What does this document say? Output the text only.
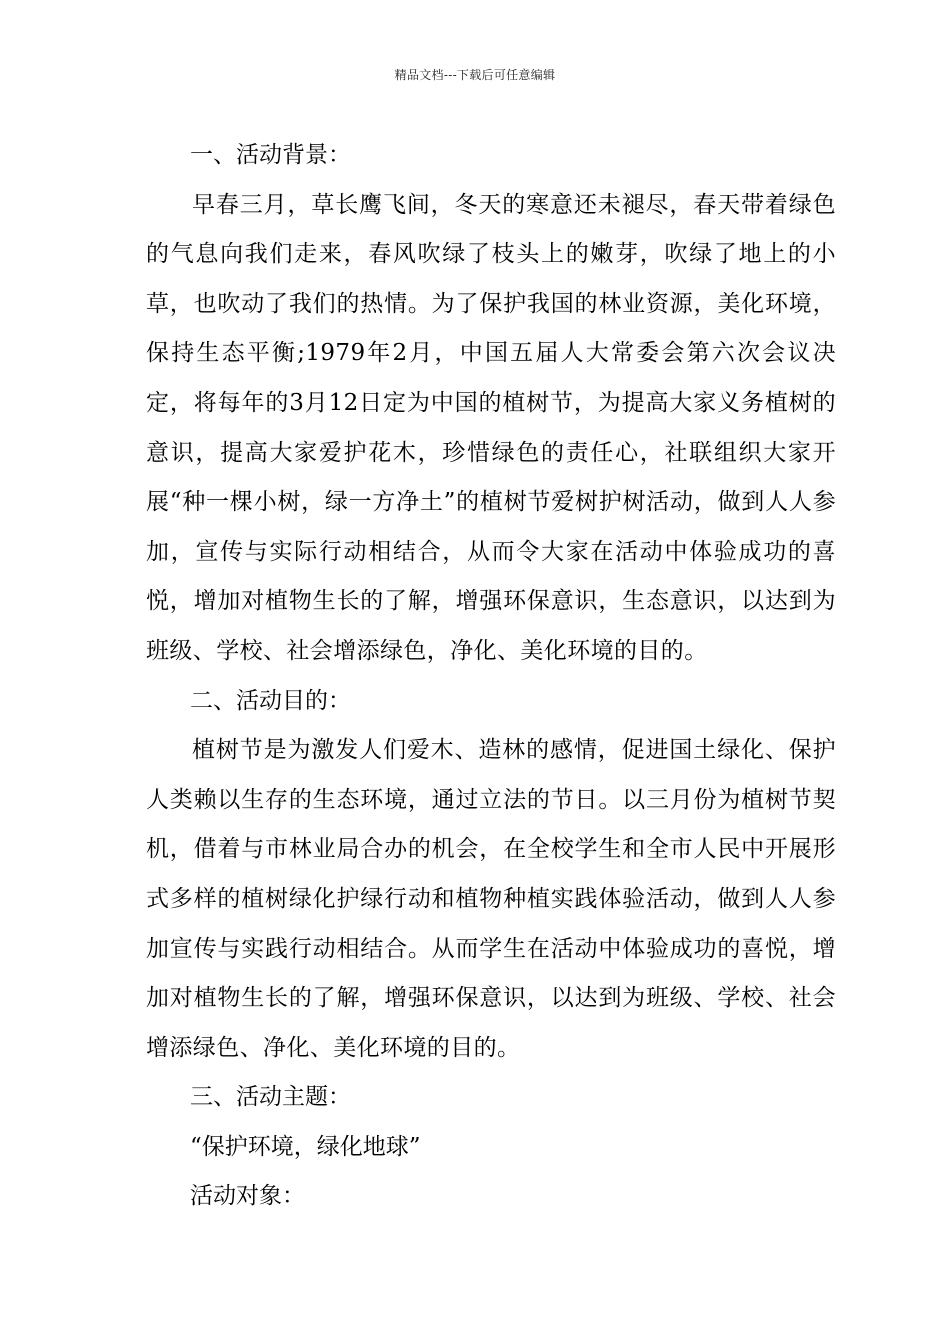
精品文档---下载后可任意编辑

一、活动背景：

早春三月，草长鹰飞间，冬天的寒意还未褪尽，春天带着绿色的气息向我们走来，春风吹绿了枝头上的嫩芽，吹绿了地上的小草，也吹动了我们的热情。为了保护我国的林业资源，美化环境，保持生态平衡;1979年2月，中国五届人大常委会第六次会议决定，将每年的3月12日定为中国的植树节，为提高大家义务植树的意识，提高大家爱护花木，珍惜绿色的责任心，社联组织大家开展“种一棵小树，绿一方净土”的植树节爱树护树活动，做到人人参加，宣传与实际行动相结合，从而令大家在活动中体验成功的喜悦，增加对植物生长的了解，增强环保意识，生态意识，以达到为班级、学校、社会增添绿色，净化、美化环境的目的。

二、活动目的：

植树节是为激发人们爱木、造林的感情，促进国土绿化、保护人类赖以生存的生态环境，通过立法的节日。以三月份为植树节契机，借着与市林业局合办的机会，在全校学生和全市人民中开展形式多样的植树绿化护绿行动和植物种植实践体验活动，做到人人参加宣传与实践行动相结合。从而学生在活动中体验成功的喜悦，增加对植物生长的了解，增强环保意识，以达到为班级、学校、社会增添绿色、净化、美化环境的目的。

三、活动主题：

“保护环境，绿化地球”

活动对象：
